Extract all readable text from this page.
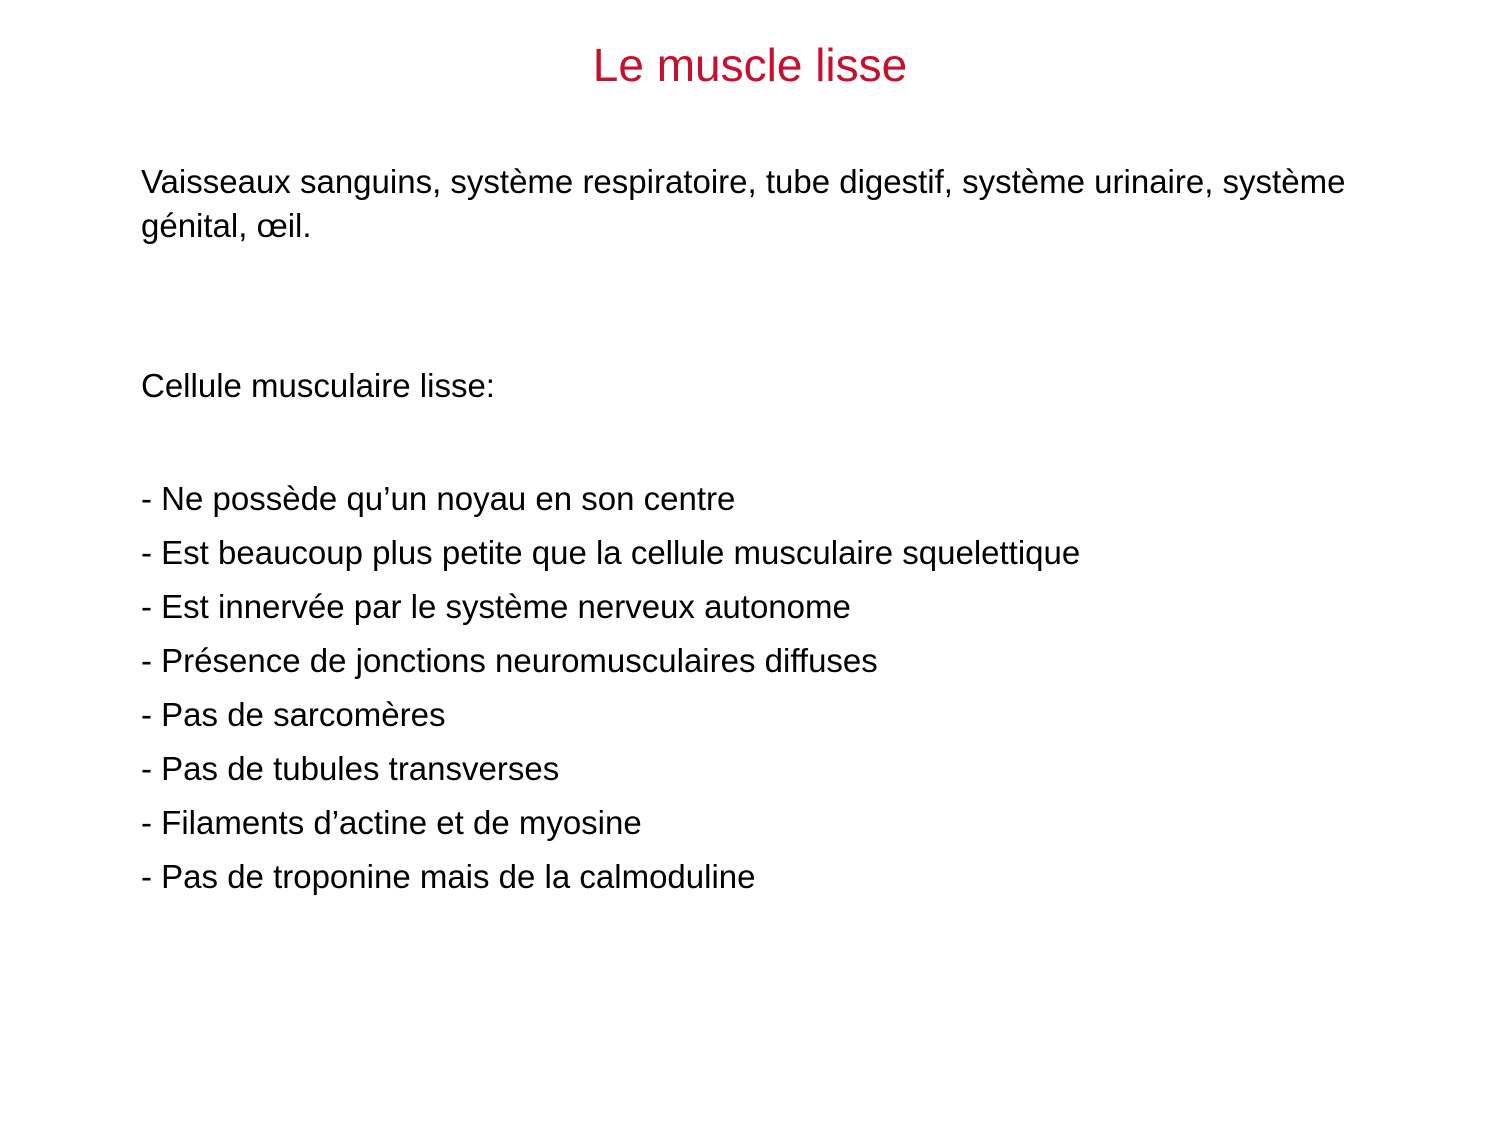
Le muscle lisse

Vaisseaux sanguins, système respiratoire, tube digestif, système urinaire, système génital, œil.

Cellule musculaire lisse:
- Ne possède qu’un noyau en son centre
- Est beaucoup plus petite que la cellule musculaire squelettique
- Est innervée par le système nerveux autonome
- Présence de jonctions neuromusculaires diffuses
- Pas de sarcomères
- Pas de tubules transverses
- Filaments d’actine et de myosine
- Pas de troponine mais de la calmoduline
